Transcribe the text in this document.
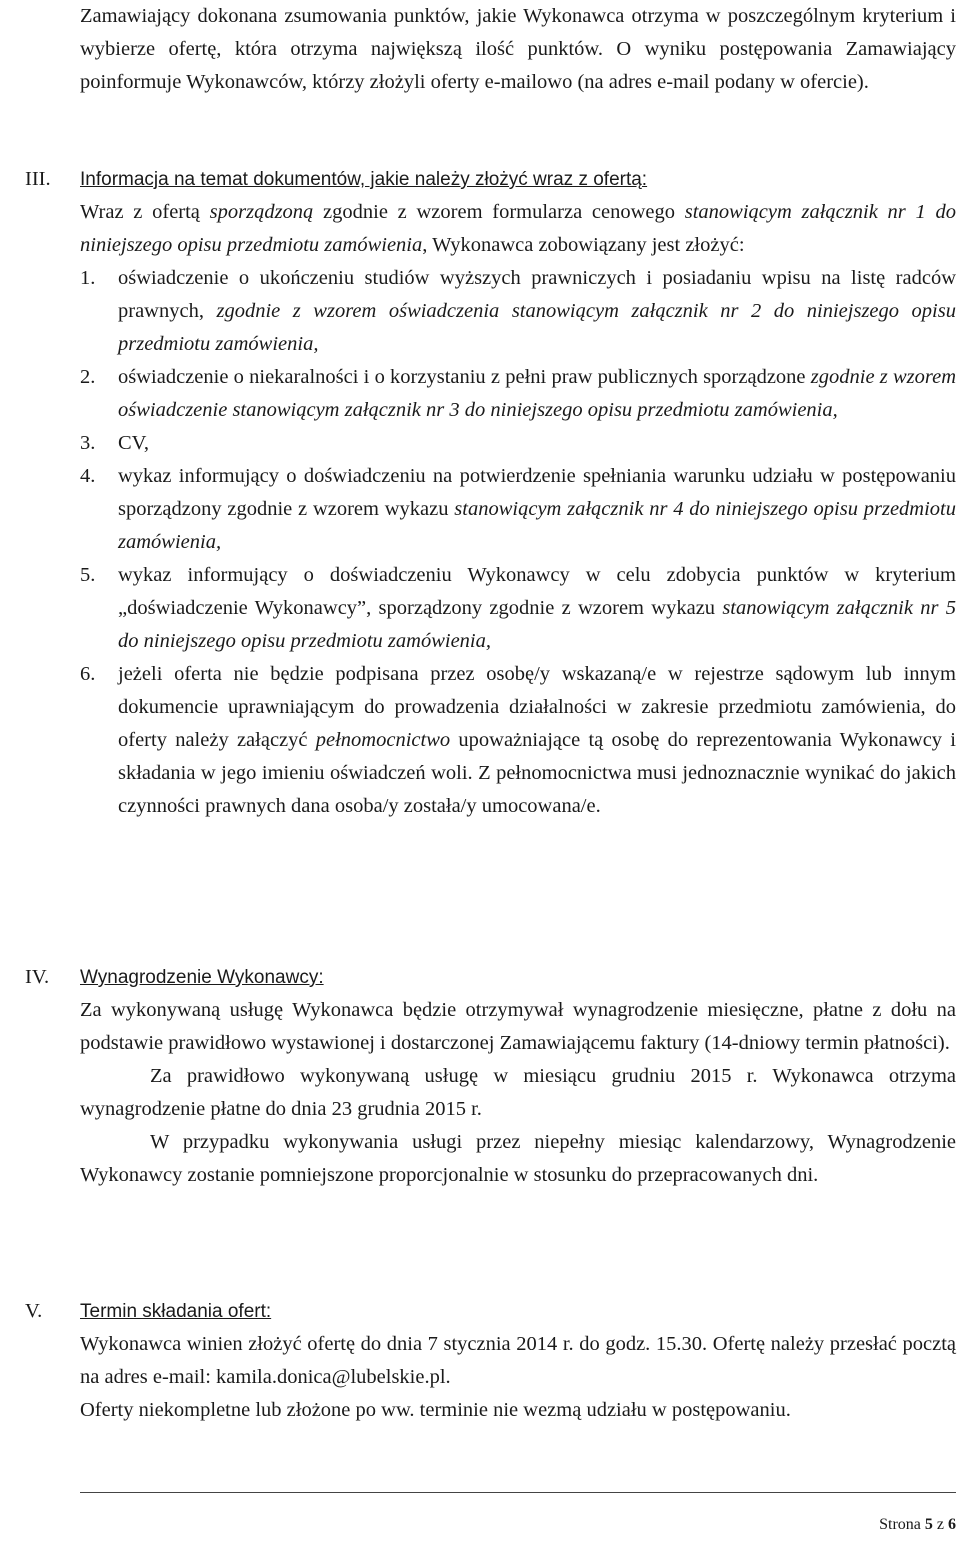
Zamawiający dokonana zsumowania punktów, jakie Wykonawca otrzyma w poszczególnym kryterium i wybierze ofertę, która otrzyma największą ilość punktów. O wyniku postępowania Zamawiający poinformuje Wykonawców, którzy złożyli oferty e-mailowo (na adres e-mail podany w ofercie).

III. Informacja na temat dokumentów, jakie należy złożyć wraz z ofertą:

Wraz z ofertą sporządzoną zgodnie z wzorem formularza cenowego stanowiącym załącznik nr 1 do niniejszego opisu przedmiotu zamówienia, Wykonawca zobowiązany jest złożyć:

1. oświadczenie o ukończeniu studiów wyższych prawniczych i posiadaniu wpisu na listę radców prawnych, zgodnie z wzorem oświadczenia stanowiącym załącznik nr 2 do niniejszego opisu przedmiotu zamówienia,

2. oświadczenie o niekaralności i o korzystaniu z pełni praw publicznych sporządzone zgodnie z wzorem oświadczenie stanowiącym załącznik nr 3 do niniejszego opisu przedmiotu zamówienia,

3. CV,

4. wykaz informujący o doświadczeniu na potwierdzenie spełniania warunku udziału w postępowaniu sporządzony zgodnie z wzorem wykazu stanowiącym załącznik nr 4 do niniejszego opisu przedmiotu zamówienia,

5. wykaz informujący o doświadczeniu Wykonawcy w celu zdobycia punktów w kryterium „doświadczenie Wykonawcy”, sporządzony zgodnie z wzorem wykazu stanowiącym załącznik nr 5 do niniejszego opisu przedmiotu zamówienia,

6. jeżeli oferta nie będzie podpisana przez osobę/y wskazaną/e w rejestrze sądowym lub innym dokumencie uprawniającym do prowadzenia działalności w zakresie przedmiotu zamówienia, do oferty należy załączyć pełnomocnictwo upoważniające tą osobę do reprezentowania Wykonawcy i składania w jego imieniu oświadczeń woli. Z pełnomocnictwa musi jednoznacznie wynikać do jakich czynności prawnych dana osoba/y została/y umocowana/e.

IV. Wynagrodzenie Wykonawcy:

Za wykonywaną usługę Wykonawca będzie otrzymywał wynagrodzenie miesięczne, płatne z dołu na podstawie prawidłowo wystawionej i dostarczonej Zamawiającemu faktury (14-dniowy termin płatności).

Za prawidłowo wykonywaną usługę w miesiącu grudniu 2015 r. Wykonawca otrzyma wynagrodzenie płatne do dnia 23 grudnia 2015 r.

W przypadku wykonywania usługi przez niepełny miesiąc kalendarzowy, Wynagrodzenie Wykonawcy zostanie pomniejszone proporcjonalnie w stosunku do przepracowanych dni.

V. Termin składania ofert:

Wykonawca winien złożyć ofertę do dnia 7 stycznia 2014 r. do godz. 15.30. Ofertę należy przesłać pocztą na adres e-mail: kamila.donica@lubelskie.pl.

Oferty niekompletne lub złożone po ww. terminie nie wezmą udziału w postępowaniu.

Strona 5 z 6
